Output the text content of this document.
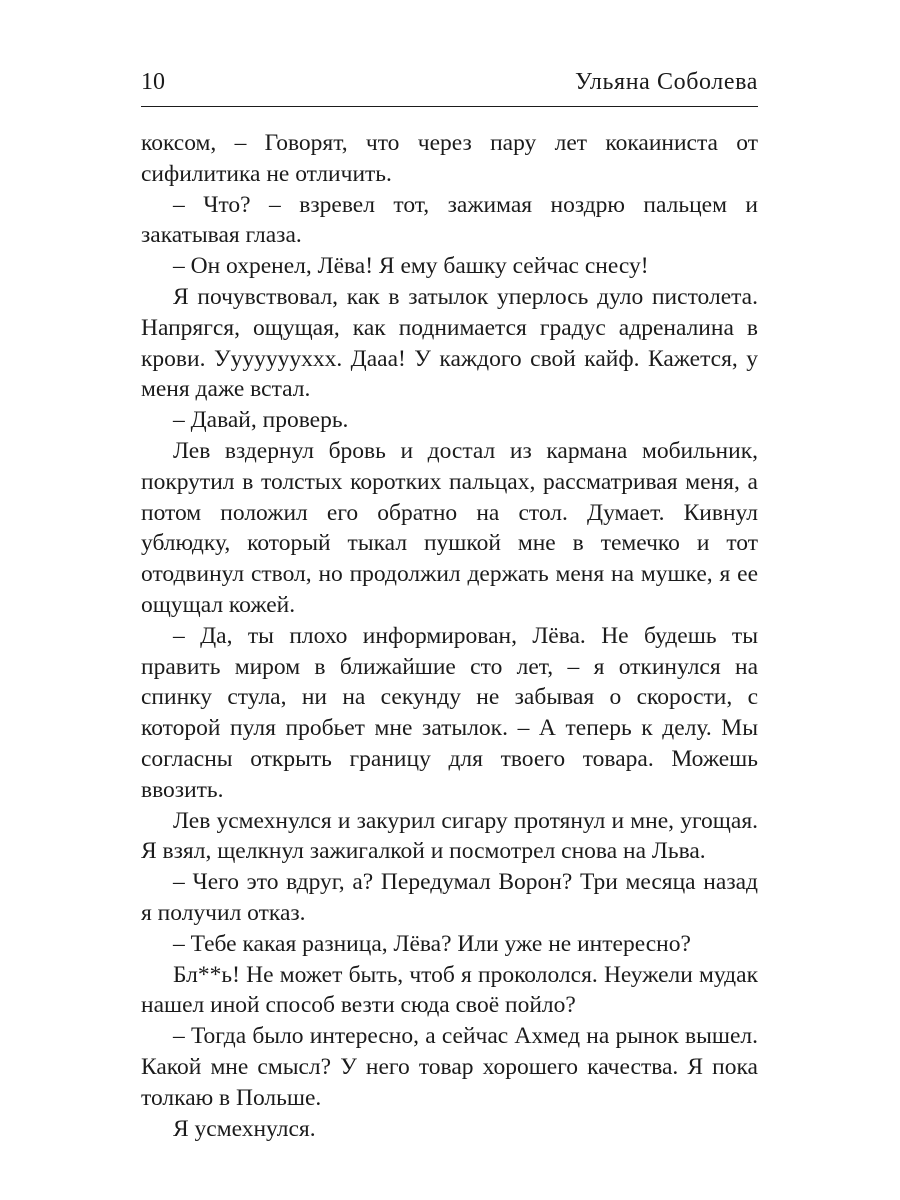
10	Ульяна Соболева

коксом, – Говорят, что через пару лет кокаиниста от сифилитика не отличить.

– Что? – взревел тот, зажимая ноздрю пальцем и закатывая глаза.

– Он охренел, Лёва! Я ему башку сейчас снесу!

Я почувствовал, как в затылок уперлось дуло пистолета. Напрягся, ощущая, как поднимается градус адреналина в крови. Уууууууххх. Дааа! У каждого свой кайф. Кажется, у меня даже встал.

– Давай, проверь.

Лев вздернул бровь и достал из кармана мобильник, покрутил в толстых коротких пальцах, рассматривая меня, а потом положил его обратно на стол. Думает. Кивнул ублюдку, который тыкал пушкой мне в темечко и тот отодвинул ствол, но продолжил держать меня на мушке, я ее ощущал кожей.

– Да, ты плохо информирован, Лёва. Не будешь ты править миром в ближайшие сто лет, – я откинулся на спинку стула, ни на секунду не забывая о скорости, с которой пуля пробьет мне затылок. – А теперь к делу. Мы согласны открыть границу для твоего товара. Можешь ввозить.

Лев усмехнулся и закурил сигару протянул и мне, угощая. Я взял, щелкнул зажигалкой и посмотрел снова на Льва.

– Чего это вдруг, а? Передумал Ворон? Три месяца назад я получил отказ.

– Тебе какая разница, Лёва? Или уже не интересно?

Бл**ь! Не может быть, чтоб я прокололся. Неужели мудак нашел иной способ везти сюда своё пойло?

– Тогда было интересно, а сейчас Ахмед на рынок вышел. Какой мне смысл? У него товар хорошего качества. Я пока толкаю в Польше.

Я усмехнулся.
